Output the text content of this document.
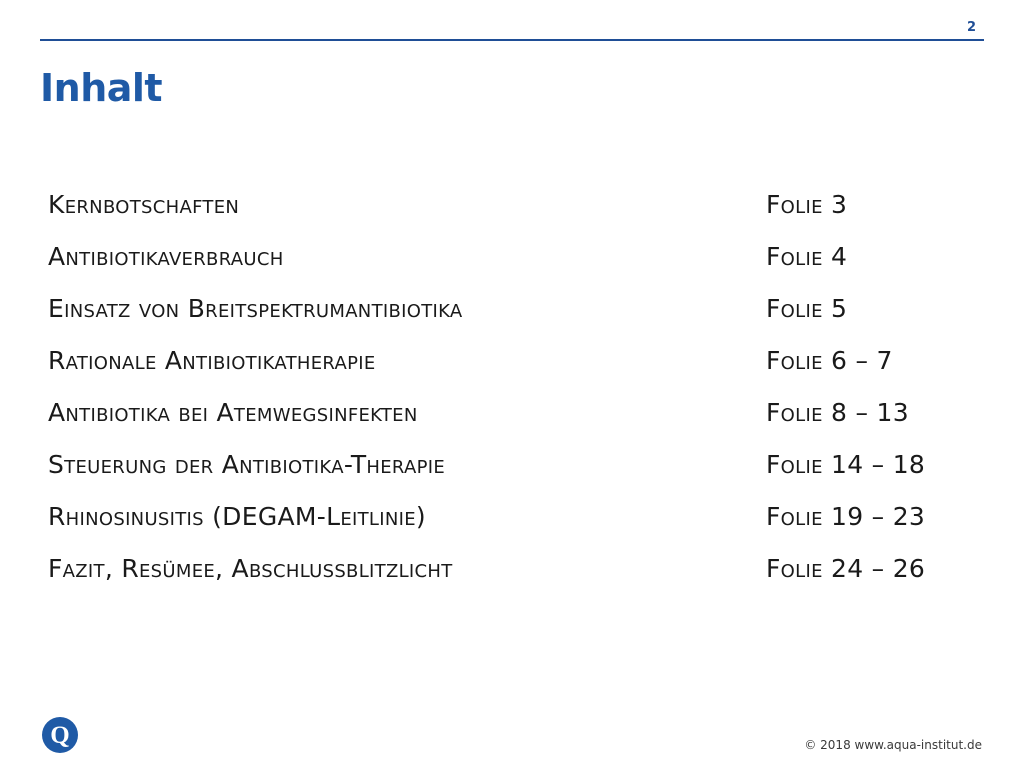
2
Inhalt
Kernbotschaften	Folie 3
Antibiotikaverbrauch	Folie 4
Einsatz von Breitspektrumantibiotika	Folie 5
Rationale Antibiotikatherapie	Folie 6 – 7
Antibiotika bei Atemwegsinfekten	Folie 8 – 13
Steuerung der Antibiotika-Therapie	Folie 14 – 18
Rhinosinusitis (DEGAM-Leitlinie)	Folie 19 – 23
Fazit, Resümee, Abschlussblitzlicht	Folie 24 – 26
Q	© 2018 www.aqua-institut.de
